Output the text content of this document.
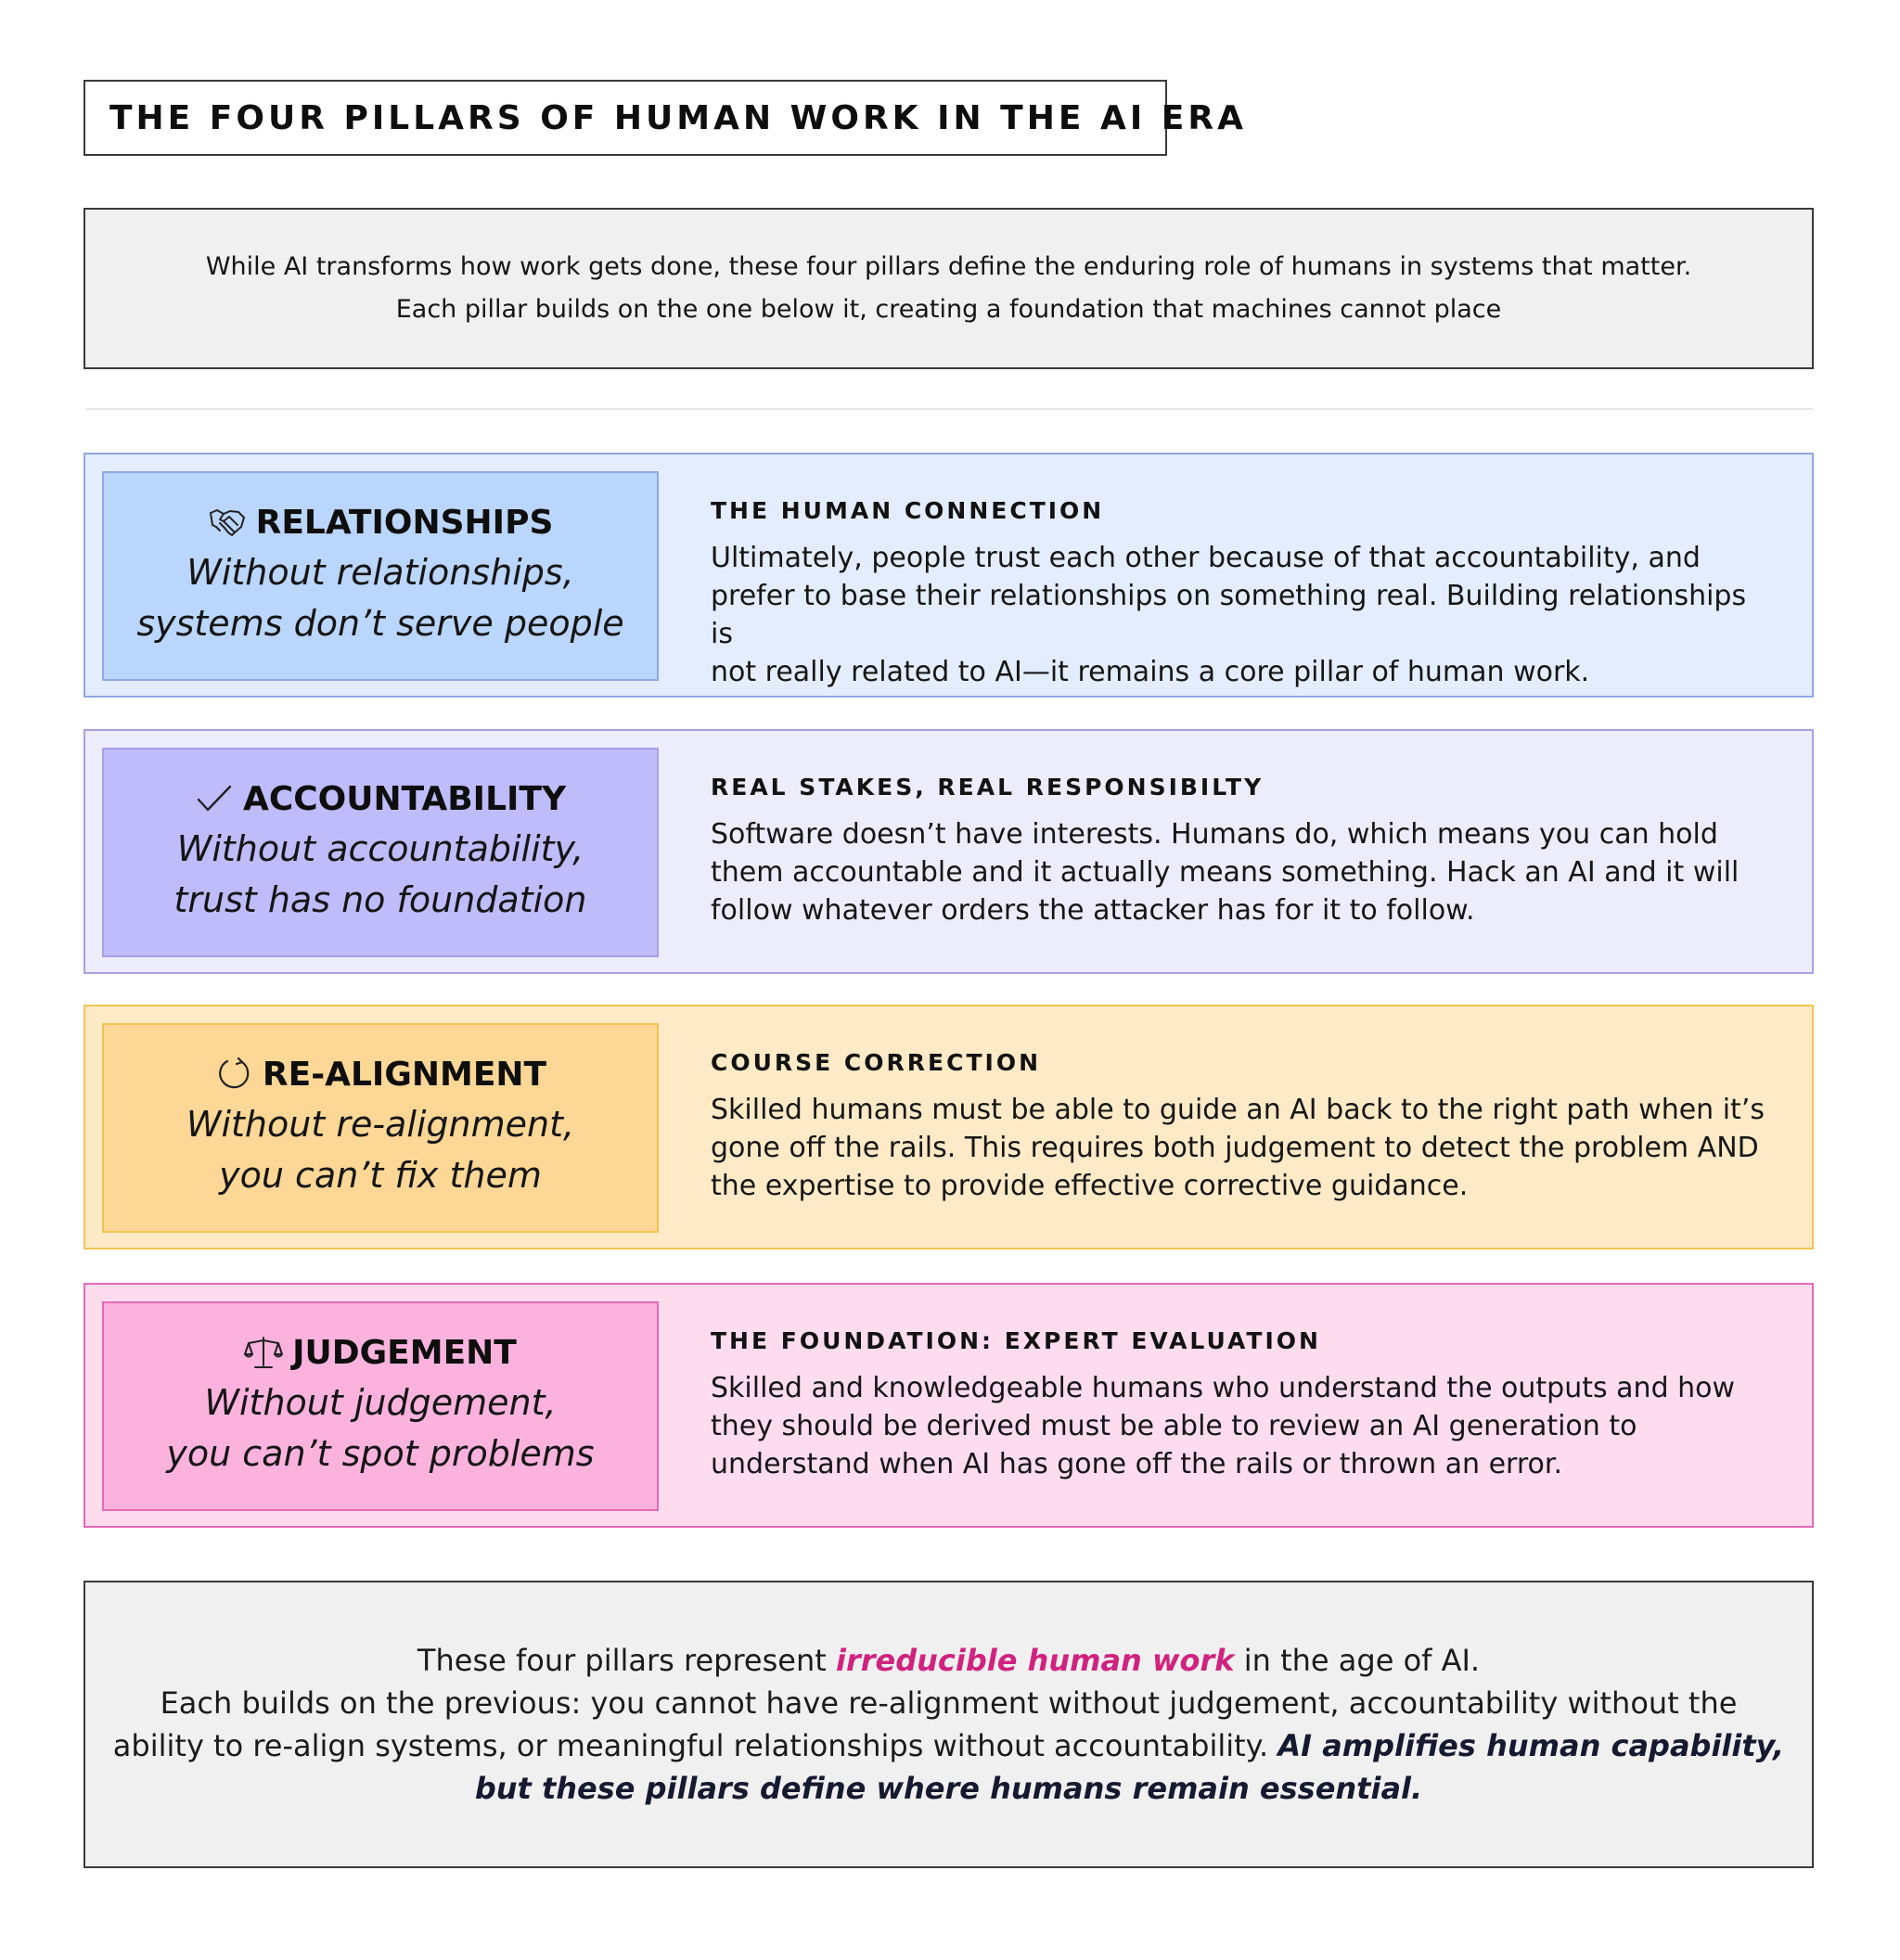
THE FOUR PILLARS OF HUMAN WORK IN THE AI ERA
While AI transforms how work gets done, these four pillars define the enduring role of humans in systems that matter.
Each pillar builds on the one below it, creating a foundation that machines cannot place
RELATIONSHIPS
Without relationships,
systems don’t serve people
THE HUMAN CONNECTION
Ultimately, people trust each other because of that accountability, and
prefer to base their relationships on something real. Building relationships is
not really related to AI—it remains a core pillar of human work.
ACCOUNTABILITY
Without accountability,
trust has no foundation
REAL STAKES, REAL RESPONSIBILTY
Software doesn’t have interests. Humans do, which means you can hold
them accountable and it actually means something. Hack an AI and it will
follow whatever orders the attacker has for it to follow.
RE-ALIGNMENT
Without re-alignment,
you can’t fix them
COURSE CORRECTION
Skilled humans must be able to guide an AI back to the right path when it’s
gone off the rails. This requires both judgement to detect the problem AND
the expertise to provide effective corrective guidance.
JUDGEMENT
Without judgement,
you can’t spot problems
THE FOUNDATION: EXPERT EVALUATION
Skilled and knowledgeable humans who understand the outputs and how
they should be derived must be able to review an AI generation to
understand when AI has gone off the rails or thrown an error.
These four pillars represent irreducible human work in the age of AI.
Each builds on the previous: you cannot have re-alignment without judgement, accountability without the
ability to re-align systems, or meaningful relationships without accountability. AI amplifies human capability,
but these pillars define where humans remain essential.
